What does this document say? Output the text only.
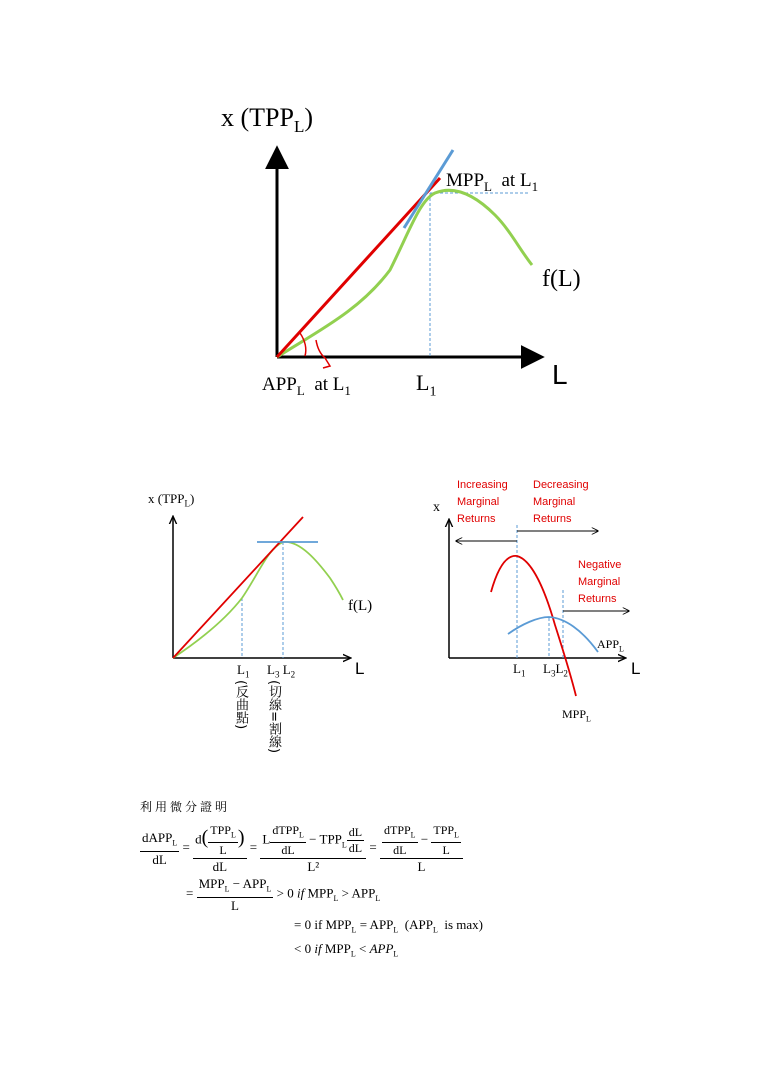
x $(TPP_L)$
$MPP_L$ at $L_1$
f(L)
L
$APP_L$ at $L_1$	$L_1$
x $(TPP_L)$
f(L)
L
$L_1$ $L_3$ $L_2$
(反曲點) (切線=割線)
x
L
Increasing
Marginal
Returns
Decreasing
Marginal
Returns
Negative
Marginal
Returns
$APP_L$
$MPP_L$
$L_1$ $L_3L_2$
利用微分證明
$\frac{dAPP_L}{dL} = \frac{d( \frac{TPP_L}{L} )}{dL} = \frac{L \frac{dTPP_L}{dL} - TPP_L \frac{dL}{dL}}{\text{L²}} = \frac{\frac{dTPP_L}{dL} - \frac{TPP_L}{L}}{L}$
= $\frac{MPP_L - APP_L}{L} > 0$ if $MPP_L > APP_L$
= 0 if $MPP_L = APP_L$ ($APP_L$ is max)
< 0 if $MPP_L < APP_L$
